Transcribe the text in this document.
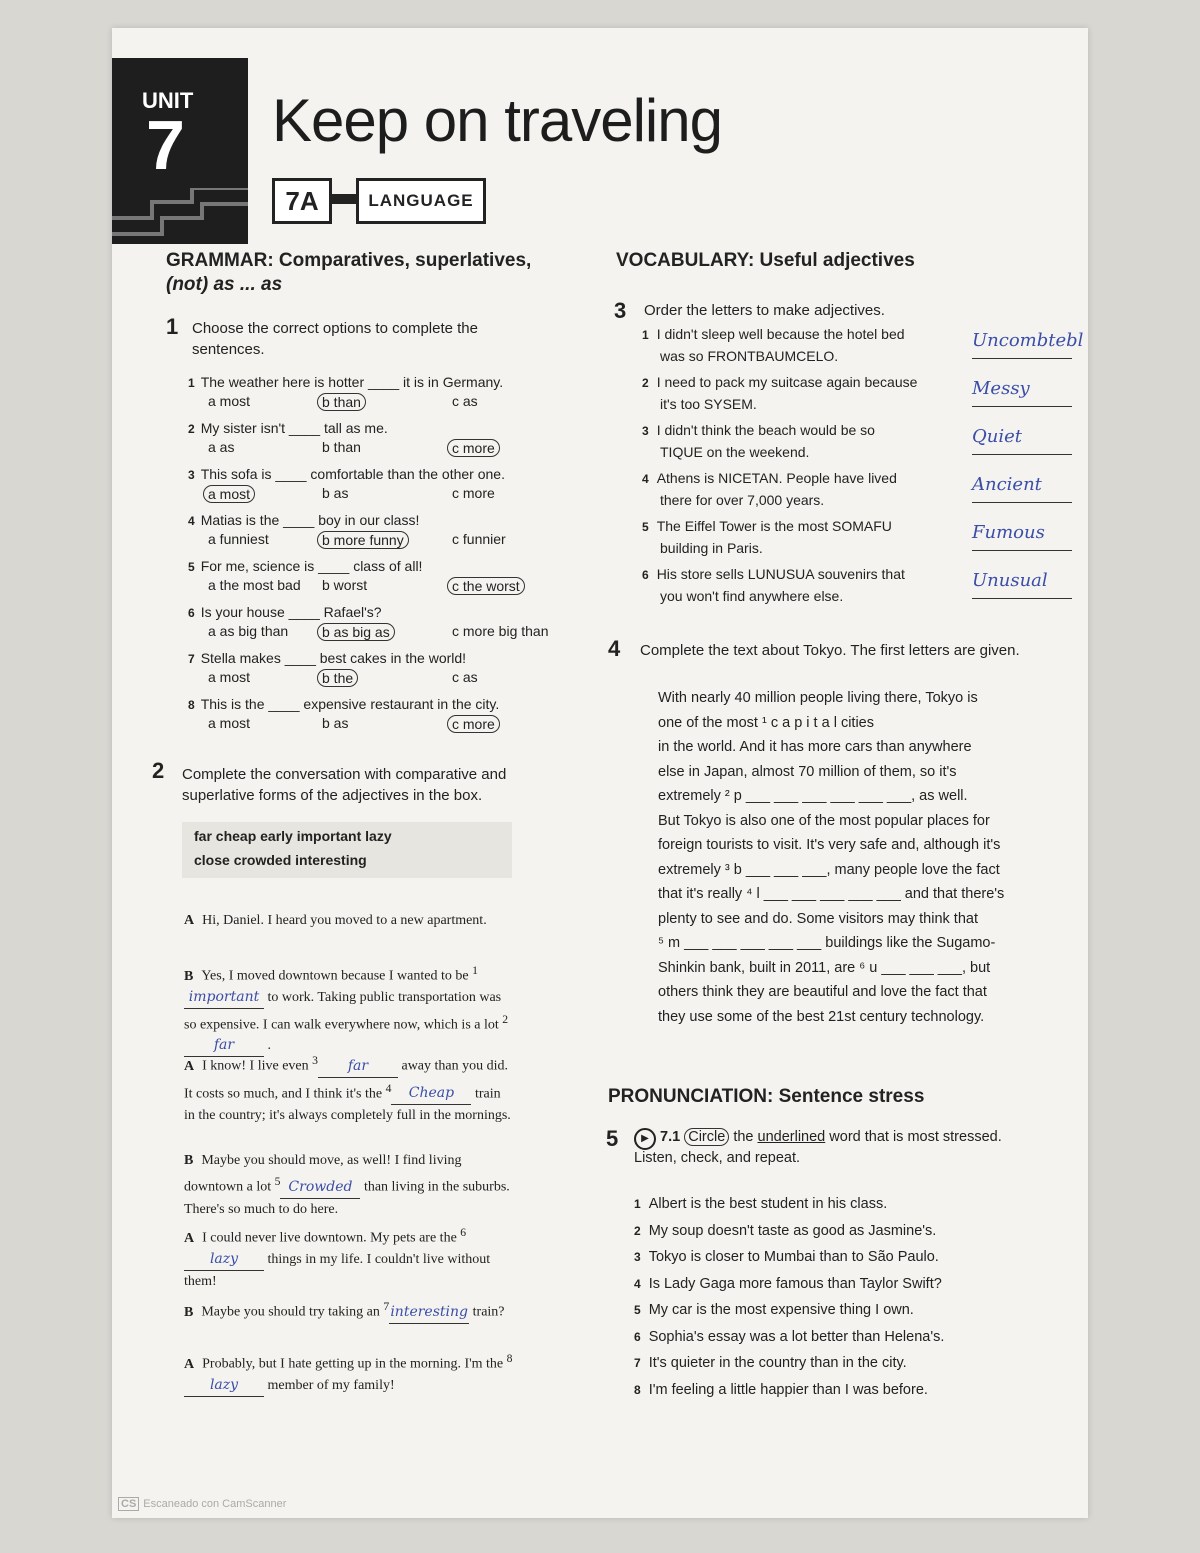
UNIT
7 Keep on traveling
7A	LANGUAGE
GRAMMAR: Comparatives, superlatives,
(not) as ... as
1 Choose the correct options to complete the
sentences.
1 The weather here is hotter ____ it is in Germany.
a most	b than	c as
2 My sister isn't ____ tall as me.
a as	b than	c more
3 This sofa is ____ comfortable than the other one.
a most	b as	c more
4 Matias is the ____ boy in our class!
a funniest	b more funny	c funnier
5 For me, science is ____ class of all!
a the most bad b worst	c the worst
6 Is your house ____ Rafael's?
a as big than	b as big as	c more big than
7 Stella makes ____ best cakes in the world!
a most	b the	c as
8 This is the ____ expensive restaurant in the city.
a most	b as	c more
2 Complete the conversation with comparative and
superlative forms of the adjectives in the box.
far cheap early important lazy
close crowded interesting
A Hi, Daniel. I heard you moved to a new apartment.
B Yes, I moved downtown because I wanted to be $^1$important to work. Taking public transportation was so expensive. I can walk everywhere now, which is a lot $^2$far .
A I know! I live even $^3$ far away than you did. It costs so much, and I think it's the $^4$ Cheap train in the country; it's always completely full in the mornings.
B Maybe you should move, as well! I find living downtown a lot $^5$ Crowded than living in the suburbs. There's so much to do here.
A I could never live downtown. My pets are the $^6$lazy things in my life. I couldn't live without them!
B Maybe you should try taking an $^7$interesting train?
A Probably, but I hate getting up in the morning. I'm the $^8$lazy member of my family!
VOCABULARY: Useful adjectives
3 Order the letters to make adjectives.
1 I didn't sleep well because the hotel bed
was so FRONTBAUMCELO.
Uncombtebl
2 I need to pack my suitcase again because
it's too SYSEM.
Messy
3 I didn't think the beach would be so
TIQUE on the weekend.
Quiet
4 Athens is NICETAN. People have lived
there for over 7,000 years.
Ancient
5 The Eiffel Tower is the most SOMAFU
building in Paris.
Fumous
6 His store sells LUNUSUA souvenirs that
you won't find anywhere else.
Unusual
4 Complete the text about Tokyo. The first letters are given.
With nearly 40 million people living there, Tokyo is
one of the most ¹ c a p i t a l cities
in the world. And it has more cars than anywhere
else in Japan, almost 70 million of them, so it's
extremely ² p ___ ___ ___ ___ ___ ___, as well.
But Tokyo is also one of the most popular places for
foreign tourists to visit. It's very safe and, although it's
extremely ³ b ___ ___ ___, many people love the fact
that it's really ⁴ l ___ ___ ___ ___ ___ and that there's
plenty to see and do. Some visitors may think that
⁵ m ___ ___ ___ ___ ___ buildings like the Sugamo-
Shinkin bank, built in 2011, are ⁶ u ___ ___ ___, but
others think they are beautiful and love the fact that
they use some of the best 21st century technology.
PRONUNCIATION: Sentence stress
5	▶ 7.1 Circle the underlined word that is most stressed.
Listen, check, and repeat.
1 Albert is the best student in his class.
2 My soup doesn't taste as good as Jasmine's.
3 Tokyo is closer to Mumbai than to São Paulo.
4 Is Lady Gaga more famous than Taylor Swift?
5 My car is the most expensive thing I own.
6 Sophia's essay was a lot better than Helena's.
7 It's quieter in the country than in the city.
8 I'm feeling a little happier than I was before.
CS Escaneado con CamScanner
